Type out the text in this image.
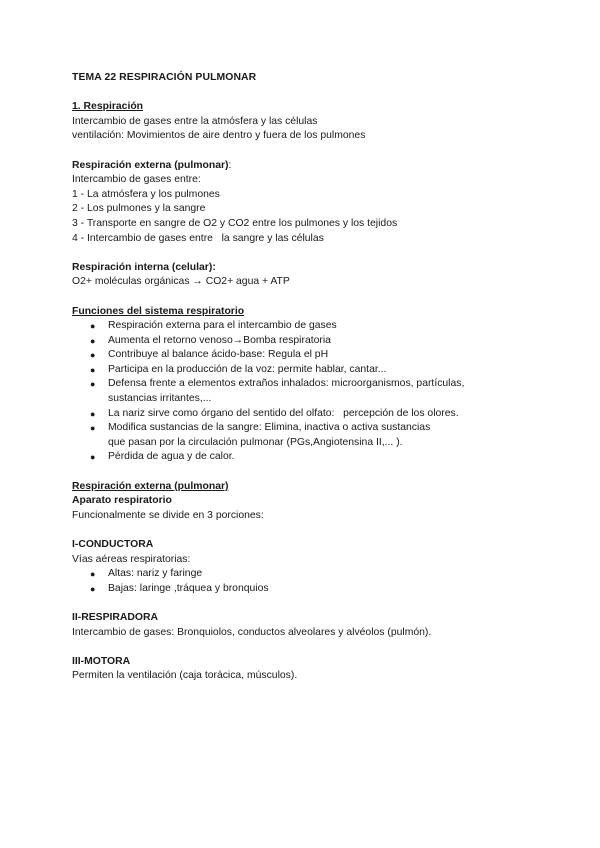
TEMA 22 RESPIRACIÓN PULMONAR

1. Respiración

Intercambio de gases entre la atmósfera y las células

ventilación: Movimientos de aire dentro y fuera de los pulmones

Respiración externa (pulmonar):

Intercambio de gases entre:

1 - La atmósfera y los pulmones

2 - Los pulmones y la sangre

3 - Transporte en sangre de O2 y CO2 entre los pulmones y los tejidos

4 - Intercambio de gases entre   la sangre y las células

Respiración interna (celular):

O2+ moléculas orgánicas → CO2+ agua + ATP

Funciones del sistema respiratorio

● Respiración externa para el intercambio de gases
● Aumenta el retorno venoso→Bomba respiratoria
● Contribuye al balance ácido-base: Regula el pH
● Participa en la producción de la voz: permite hablar, cantar...
● Defensa frente a elementos extraños inhalados: microorganismos, partículas,
sustancias irritantes,...
● La nariz sirve como órgano del sentido del olfato:   percepción de los olores.
● Modifica sustancias de la sangre: Elimina, inactiva o activa sustancias
que pasan por la circulación pulmonar (PGs,Angiotensina II,... ).
● Pérdida de agua y de calor.

Respiración externa (pulmonar)

Aparato respiratorio

Funcionalmente se divide en 3 porciones:

I-CONDUCTORA

Vías aéreas respiratorias:

● Altas: nariz y faringe
● Bajas: laringe ,tráquea y bronquios

II-RESPIRADORA

Intercambio de gases: Bronquiolos, conductos alveolares y alvéolos (pulmón).

III-MOTORA

Permiten la ventilación (caja torácica, músculos).
